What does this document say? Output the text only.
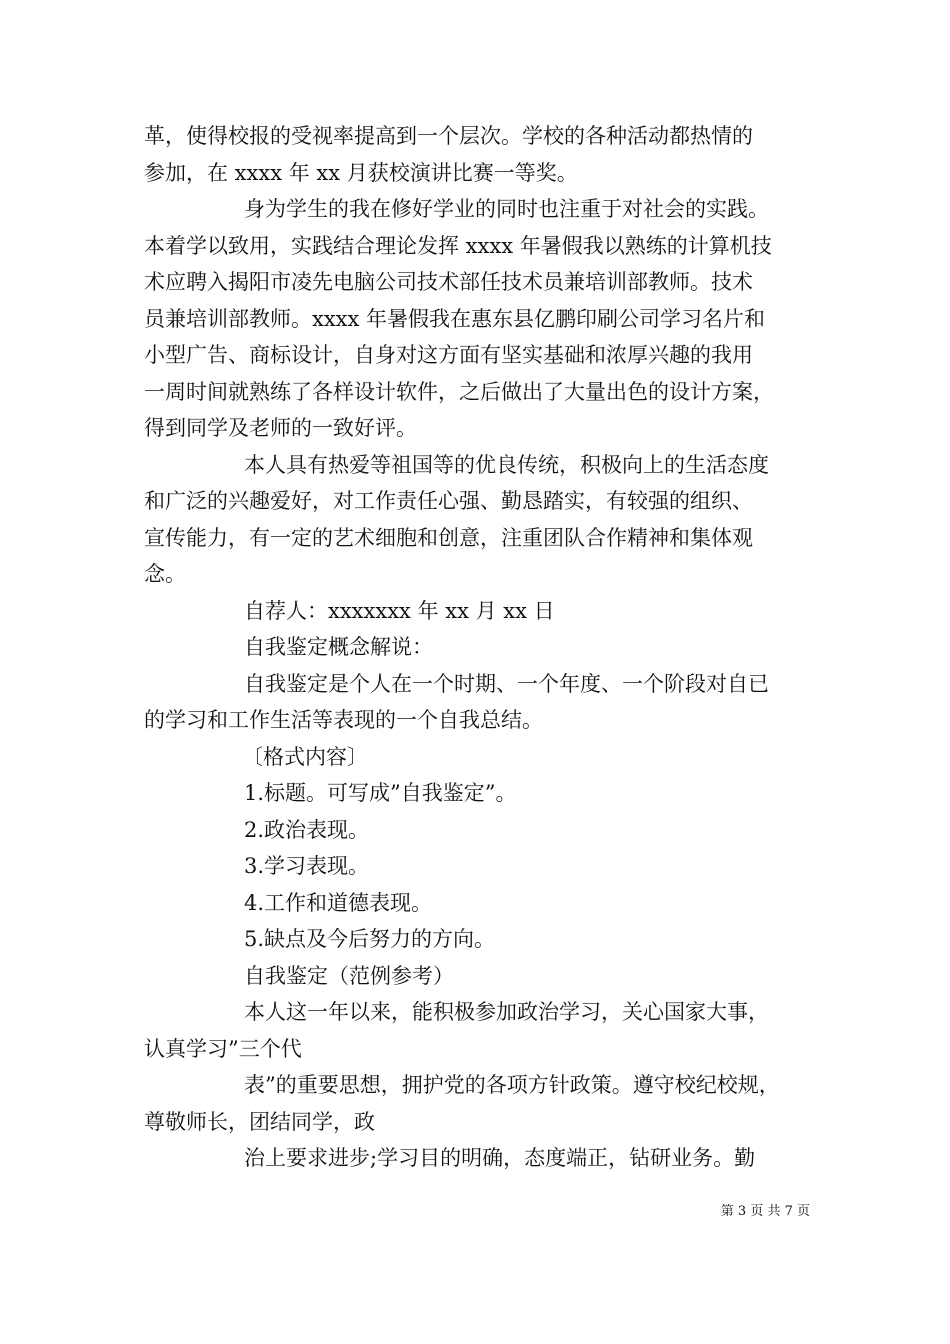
革，使得校报的受视率提高到一个层次。学校的各种活动都热情的
参加，在 xxxx 年 xx 月获校演讲比赛一等奖。
身为学生的我在修好学业的同时也注重于对社会的实践。
本着学以致用，实践结合理论发挥 xxxx 年暑假我以熟练的计算机技
术应聘入揭阳市凌先电脑公司技术部任技术员兼培训部教师。技术
员兼培训部教师。xxxx 年暑假我在惠东县亿鹏印刷公司学习名片和
小型广告、商标设计，自身对这方面有坚实基础和浓厚兴趣的我用
一周时间就熟练了各样设计软件，之后做出了大量出色的设计方案，
得到同学及老师的一致好评。
本人具有热爱等祖国等的优良传统，积极向上的生活态度
和广泛的兴趣爱好，对工作责任心强、勤恳踏实，有较强的组织、
宣传能力，有一定的艺术细胞和创意，注重团队合作精神和集体观
念。
自荐人：xxxxxxx 年 xx 月 xx 日
自我鉴定概念解说：
自我鉴定是个人在一个时期、一个年度、一个阶段对自已
的学习和工作生活等表现的一个自我总结。
〔格式内容〕
1.标题。可写成”自我鉴定”。
2.政治表现。
3.学习表现。
4.工作和道德表现。
5.缺点及今后努力的方向。
自我鉴定（范例参考）
本人这一年以来，能积极参加政治学习，关心国家大事，
认真学习”三个代
表”的重要思想，拥护党的各项方针政策。遵守校纪校规，
尊敬师长，团结同学，政
治上要求进步;学习目的明确，态度端正，钻研业务。勤
第 3 页 共 7 页
